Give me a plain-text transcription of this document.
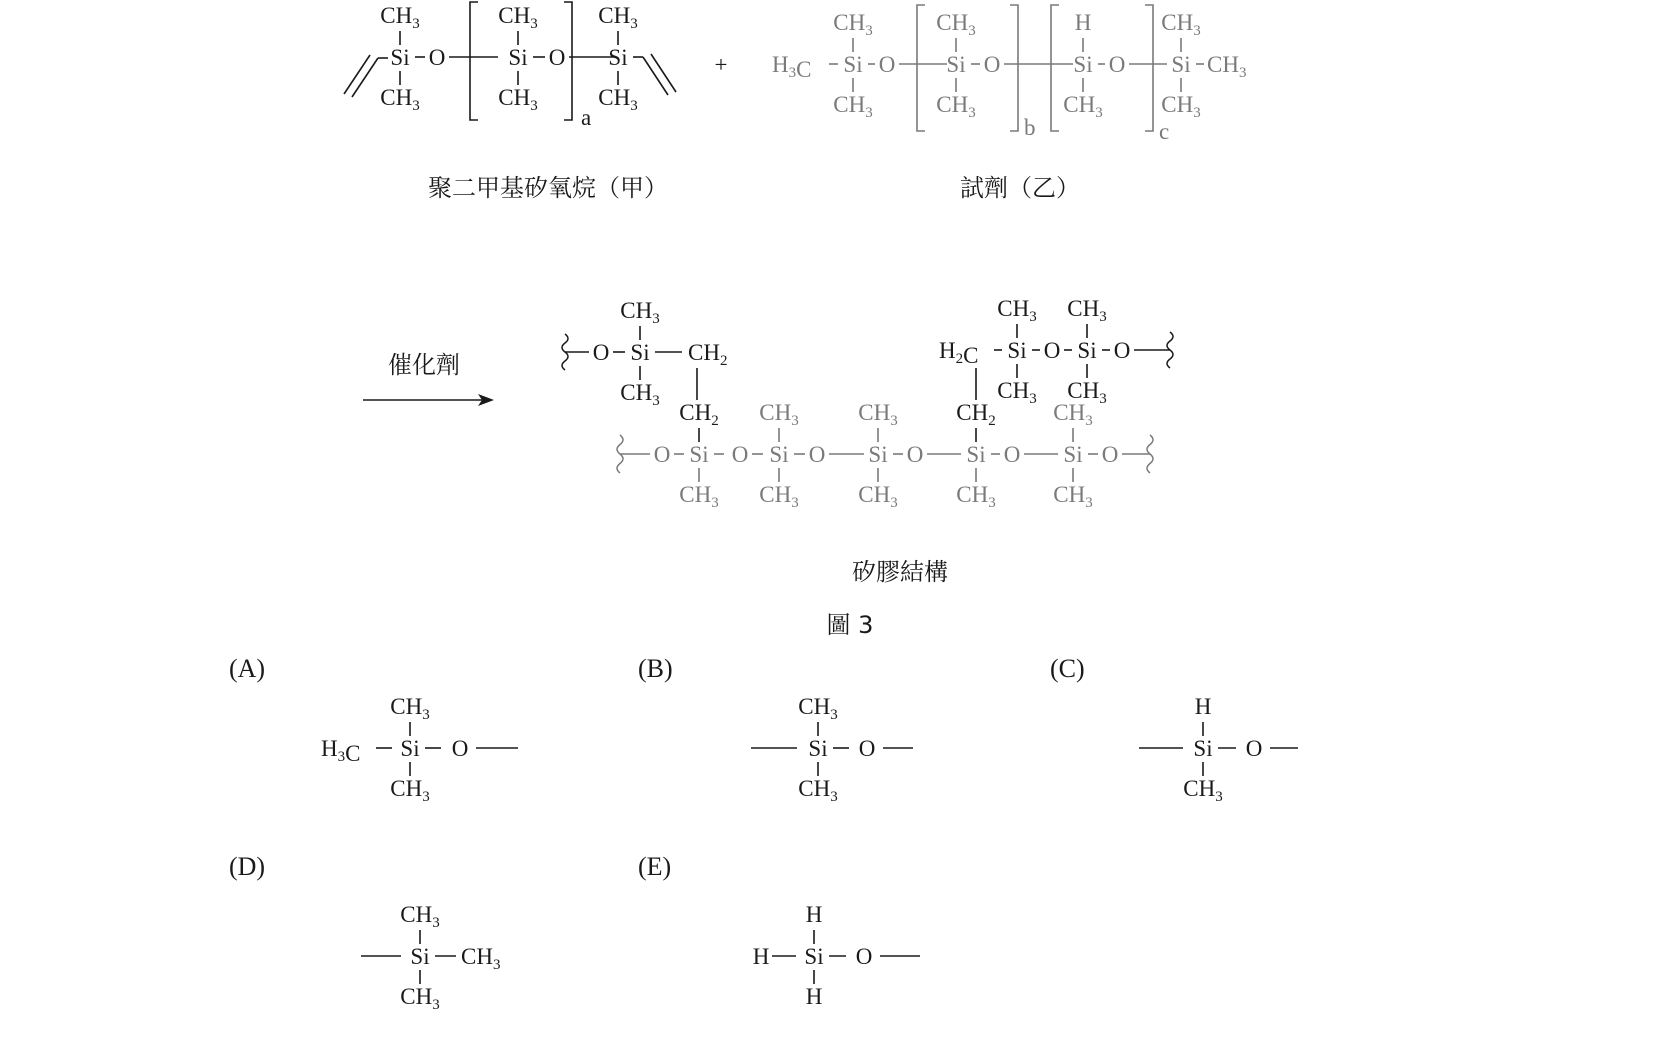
Si
$CH_3$
$CH_3$
O	Si
$CH_3$
$CH_3$
O
a
Si
$CH_3$
$CH_3$
+ $H_3C$ Si
$CH_3$
$CH_3$
O Si
$CH_3$
$CH_3$
O
b
Si
H
$CH_3$
O
c
Si
$CH_3$
$CH_3$
$CH_3$
聚二甲基矽氧烷（甲）	試劑（乙）
催化劑	O Si
$CH_3$
$CH_3$
$CH_2$	$H_2C$ Si
$CH_3$
$CH_3$
O Si
$CH_3$
$CH_3$
O
O Si
$CH_2$
$CH_3$
O Si
$CH_3$
$CH_3$
O Si
$CH_3$
$CH_3$
O Si
$CH_2$
$CH_3$
O Si
$CH_3$
$CH_3$
O
矽膠結構
圖 3
(A)
$H_3C$ Si
$CH_3$
$CH_3$
O
(B)
Si
$CH_3$
$CH_3$
O
(C)
Si
H
$CH_3$
O
(D)
Si
$CH_3$
$CH_3$
$CH_3$
(E)
H Si
H
H
O
